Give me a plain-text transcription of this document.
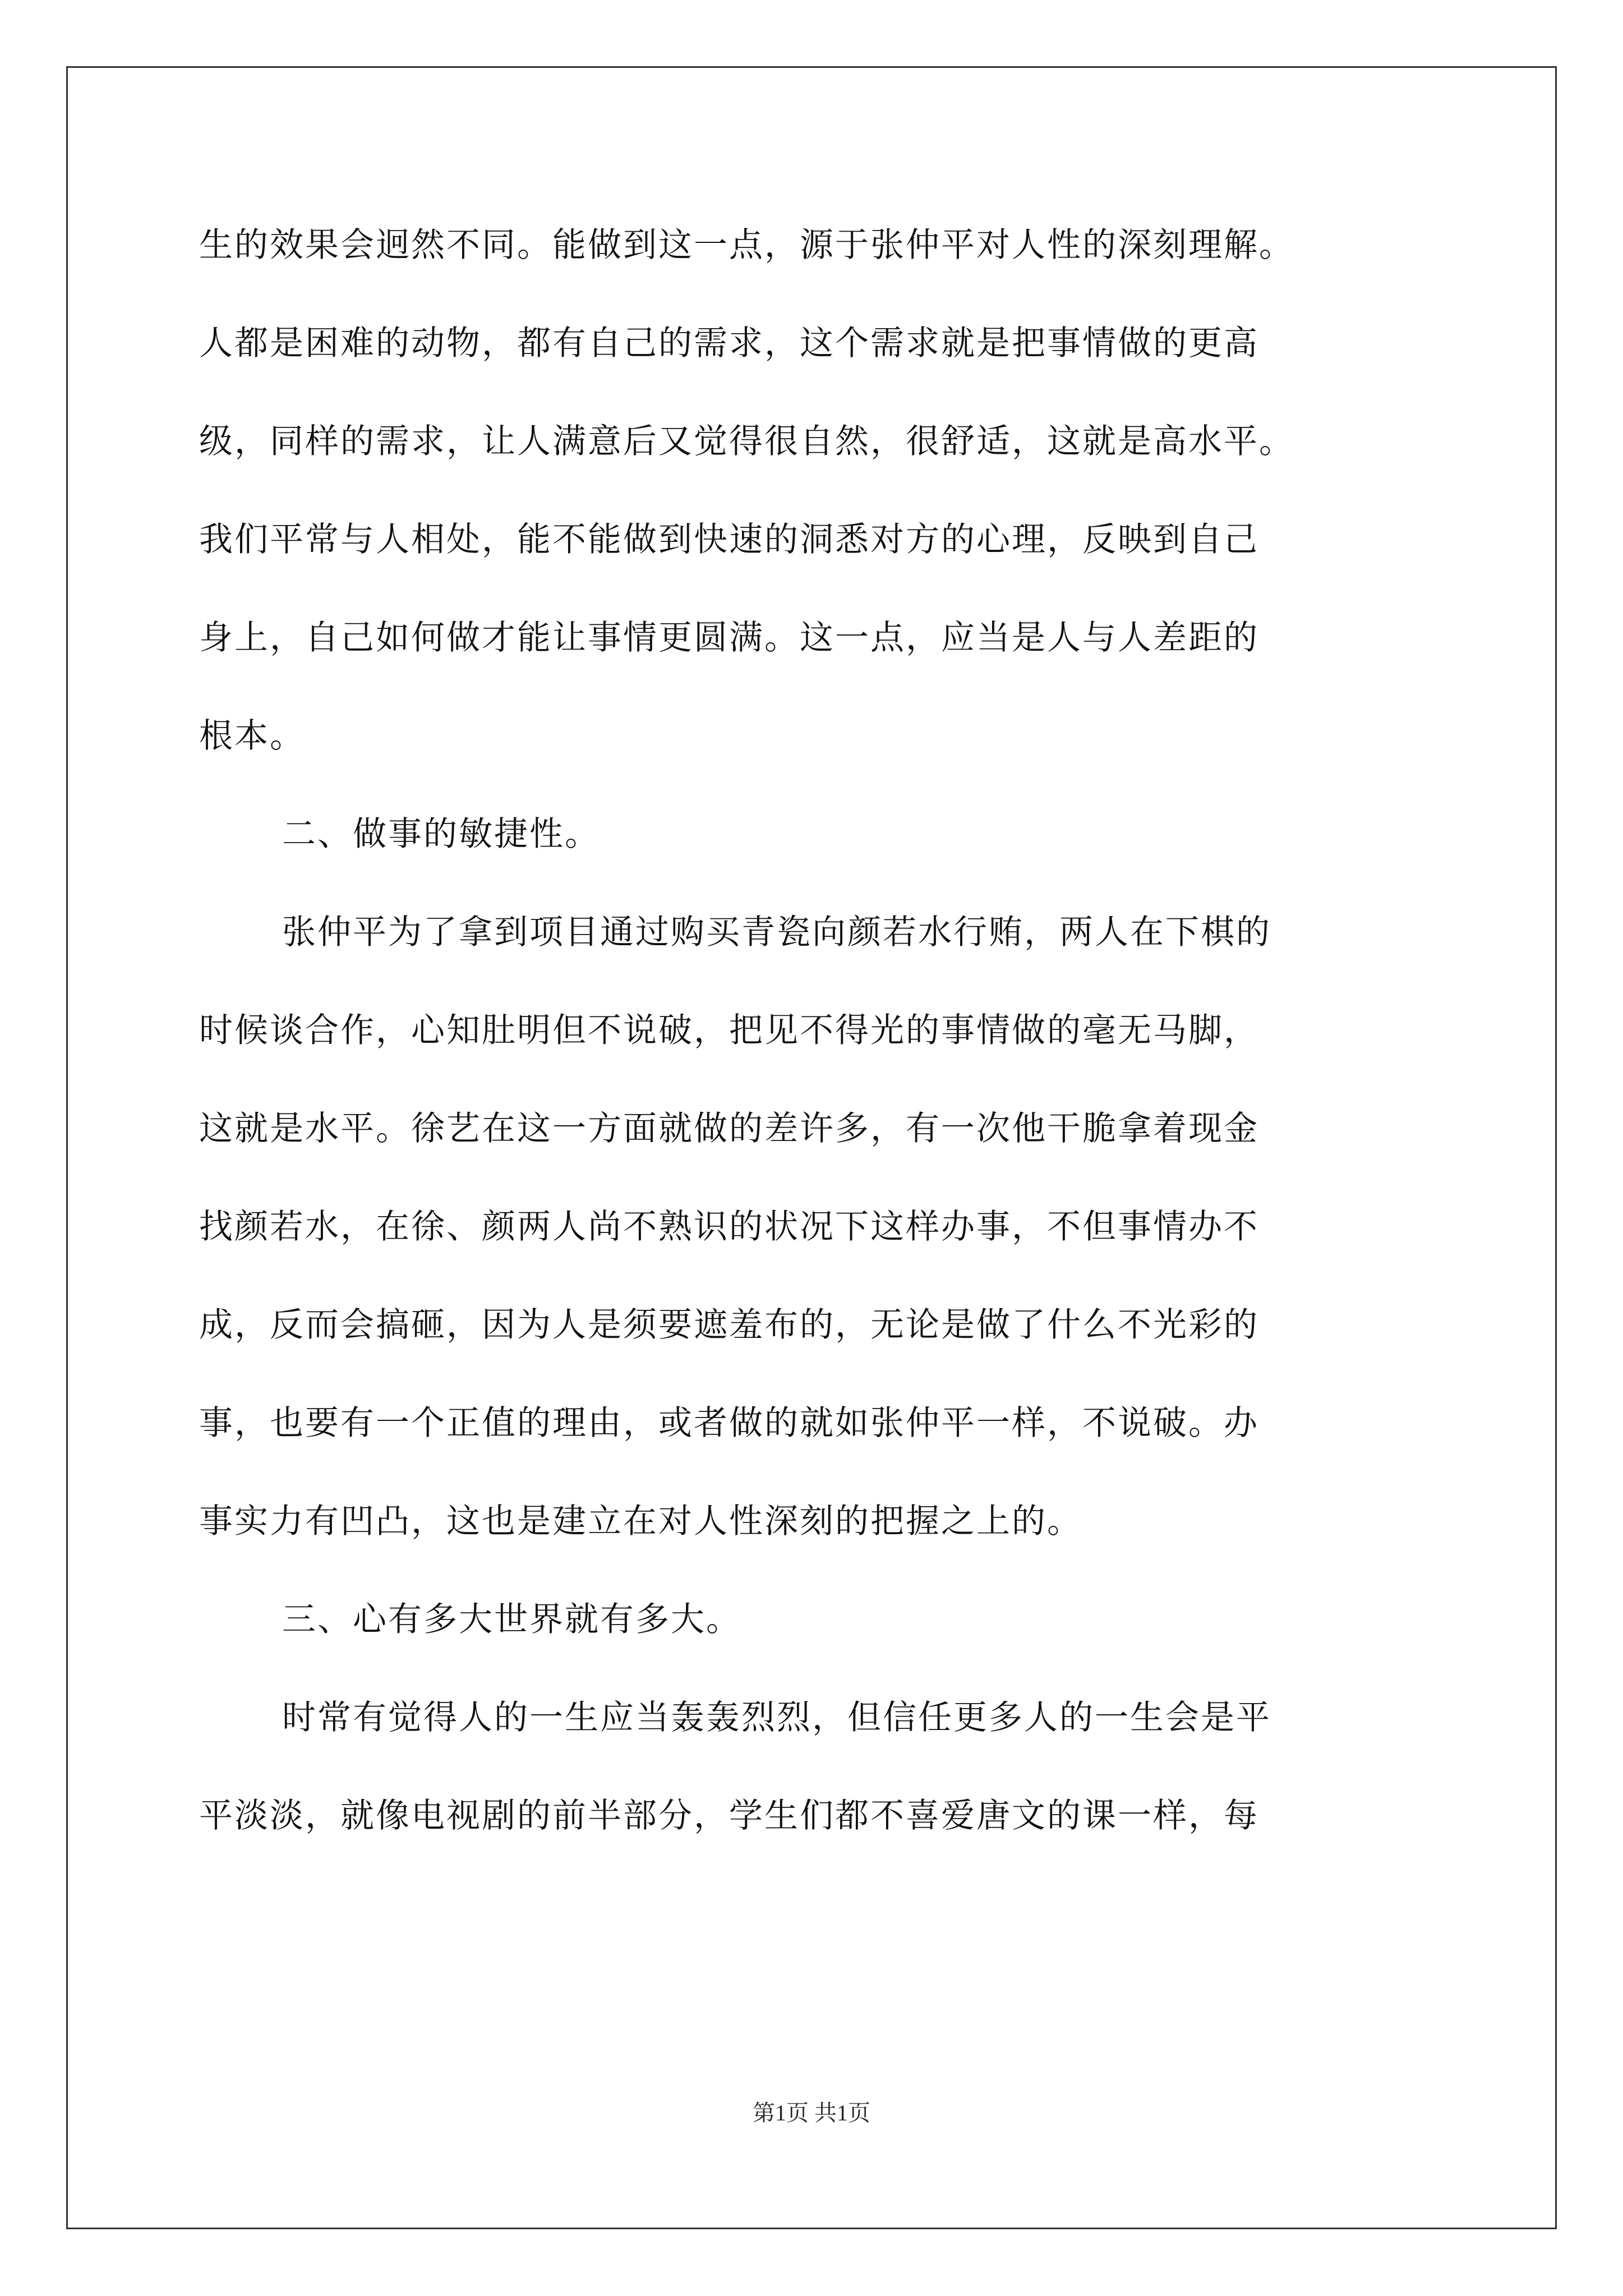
生的效果会迥然不同。能做到这一点，源于张仲平对人性的深刻理解。

人都是困难的动物，都有自己的需求，这个需求就是把事情做的更高

级，同样的需求，让人满意后又觉得很自然，很舒适，这就是高水平。

我们平常与人相处，能不能做到快速的洞悉对方的心理，反映到自己

身上，自己如何做才能让事情更圆满。这一点，应当是人与人差距的

根本。

二、做事的敏捷性。

张仲平为了拿到项目通过购买青瓷向颜若水行贿，两人在下棋的

时候谈合作，心知肚明但不说破，把见不得光的事情做的毫无马脚，

这就是水平。徐艺在这一方面就做的差许多，有一次他干脆拿着现金

找颜若水，在徐、颜两人尚不熟识的状况下这样办事，不但事情办不

成，反而会搞砸，因为人是须要遮羞布的，无论是做了什么不光彩的

事，也要有一个正值的理由，或者做的就如张仲平一样，不说破。办

事实力有凹凸，这也是建立在对人性深刻的把握之上的。

三、心有多大世界就有多大。

时常有觉得人的一生应当轰轰烈烈，但信任更多人的一生会是平

平淡淡，就像电视剧的前半部分，学生们都不喜爱唐文的课一样，每

第1页 共1页
